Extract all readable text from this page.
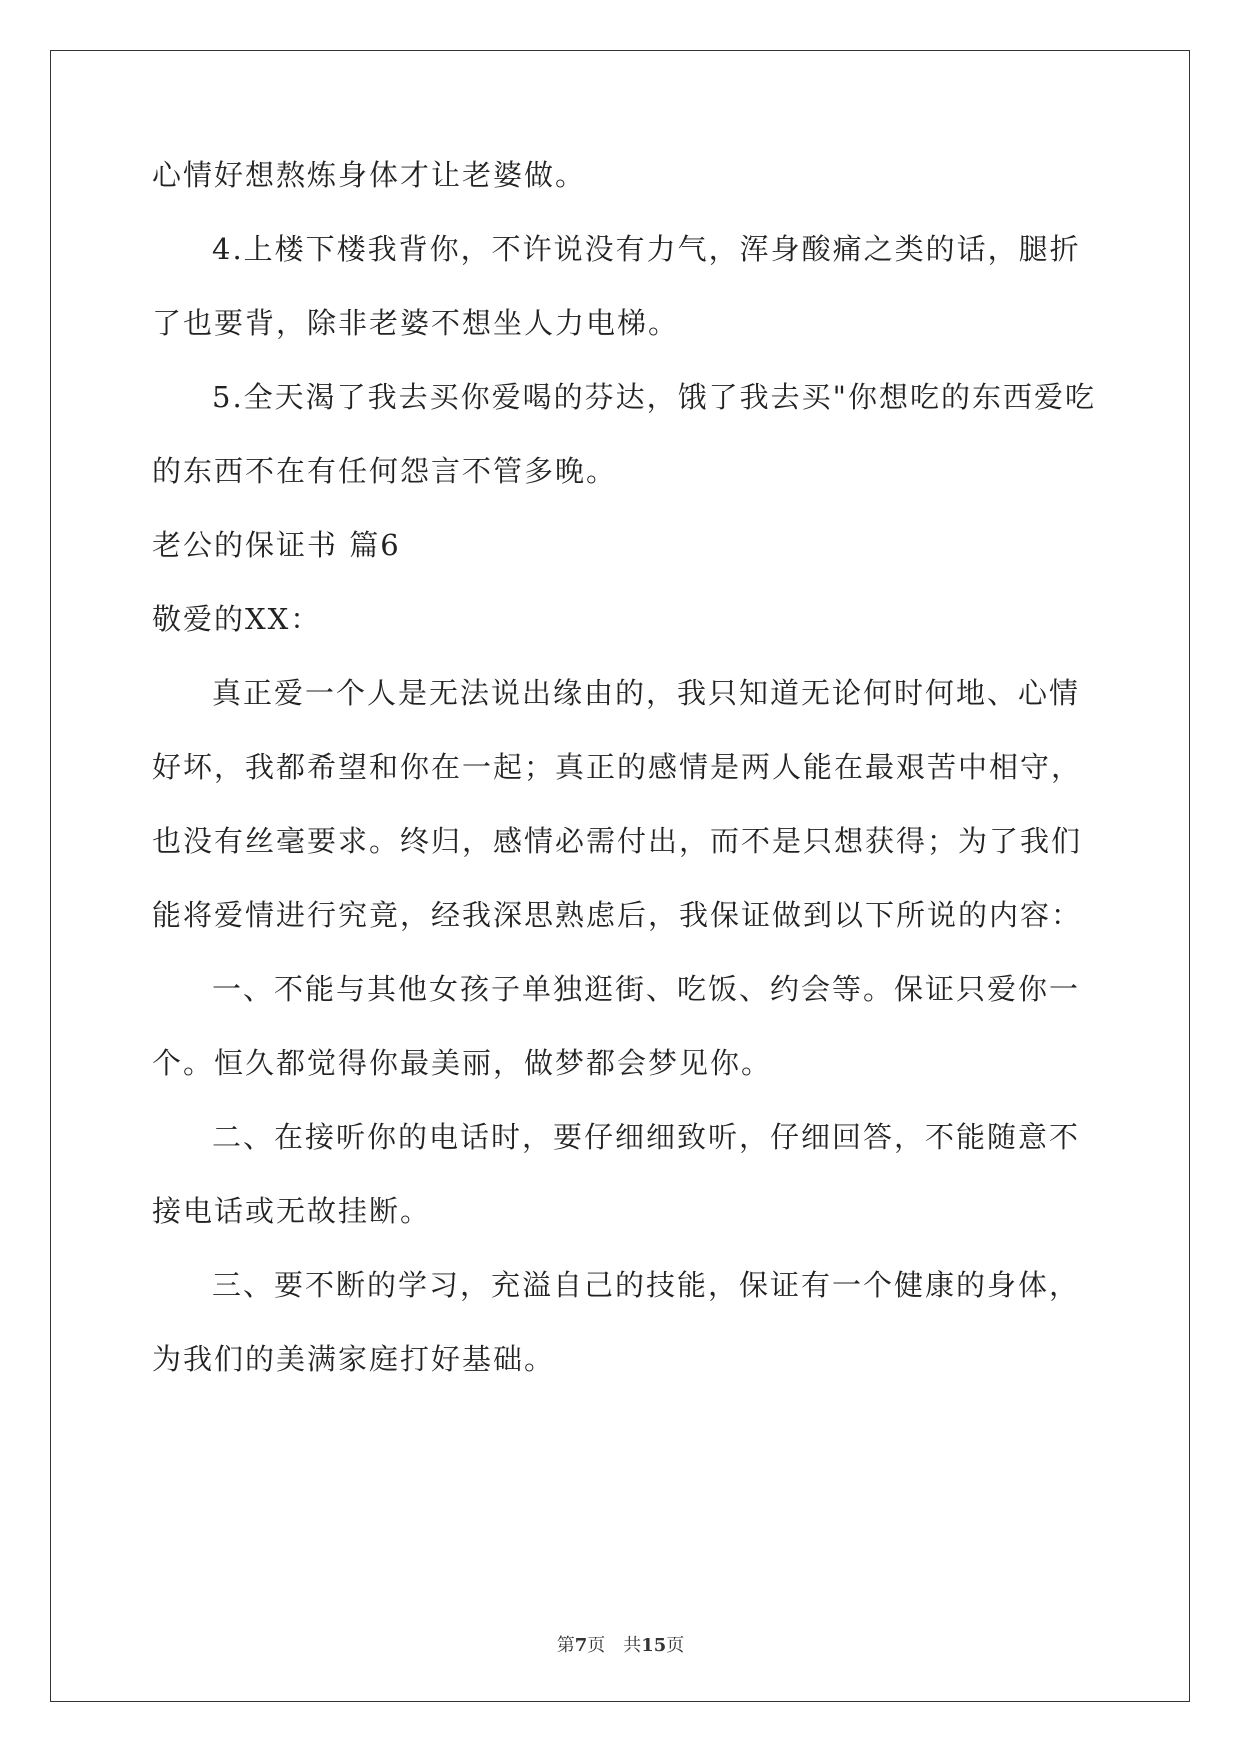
心情好想熬炼身体才让老婆做。
4.上楼下楼我背你，不许说没有力气，浑身酸痛之类的话，腿折
了也要背，除非老婆不想坐人力电梯。
5.全天渴了我去买你爱喝的芬达，饿了我去买"你想吃的东西爱吃
的东西不在有任何怨言不管多晚。
老公的保证书 篇6
敬爱的XX：
真正爱一个人是无法说出缘由的，我只知道无论何时何地、心情
好坏，我都希望和你在一起；真正的感情是两人能在最艰苦中相守，
也没有丝毫要求。终归，感情必需付出，而不是只想获得；为了我们
能将爱情进行究竟，经我深思熟虑后，我保证做到以下所说的内容：
一、不能与其他女孩子单独逛街、吃饭、约会等。保证只爱你一
个。恒久都觉得你最美丽，做梦都会梦见你。
二、在接听你的电话时，要仔细细致听，仔细回答，不能随意不
接电话或无故挂断。
三、要不断的学习，充溢自己的技能，保证有一个健康的身体，
为我们的美满家庭打好基础。
第7页 共15页
